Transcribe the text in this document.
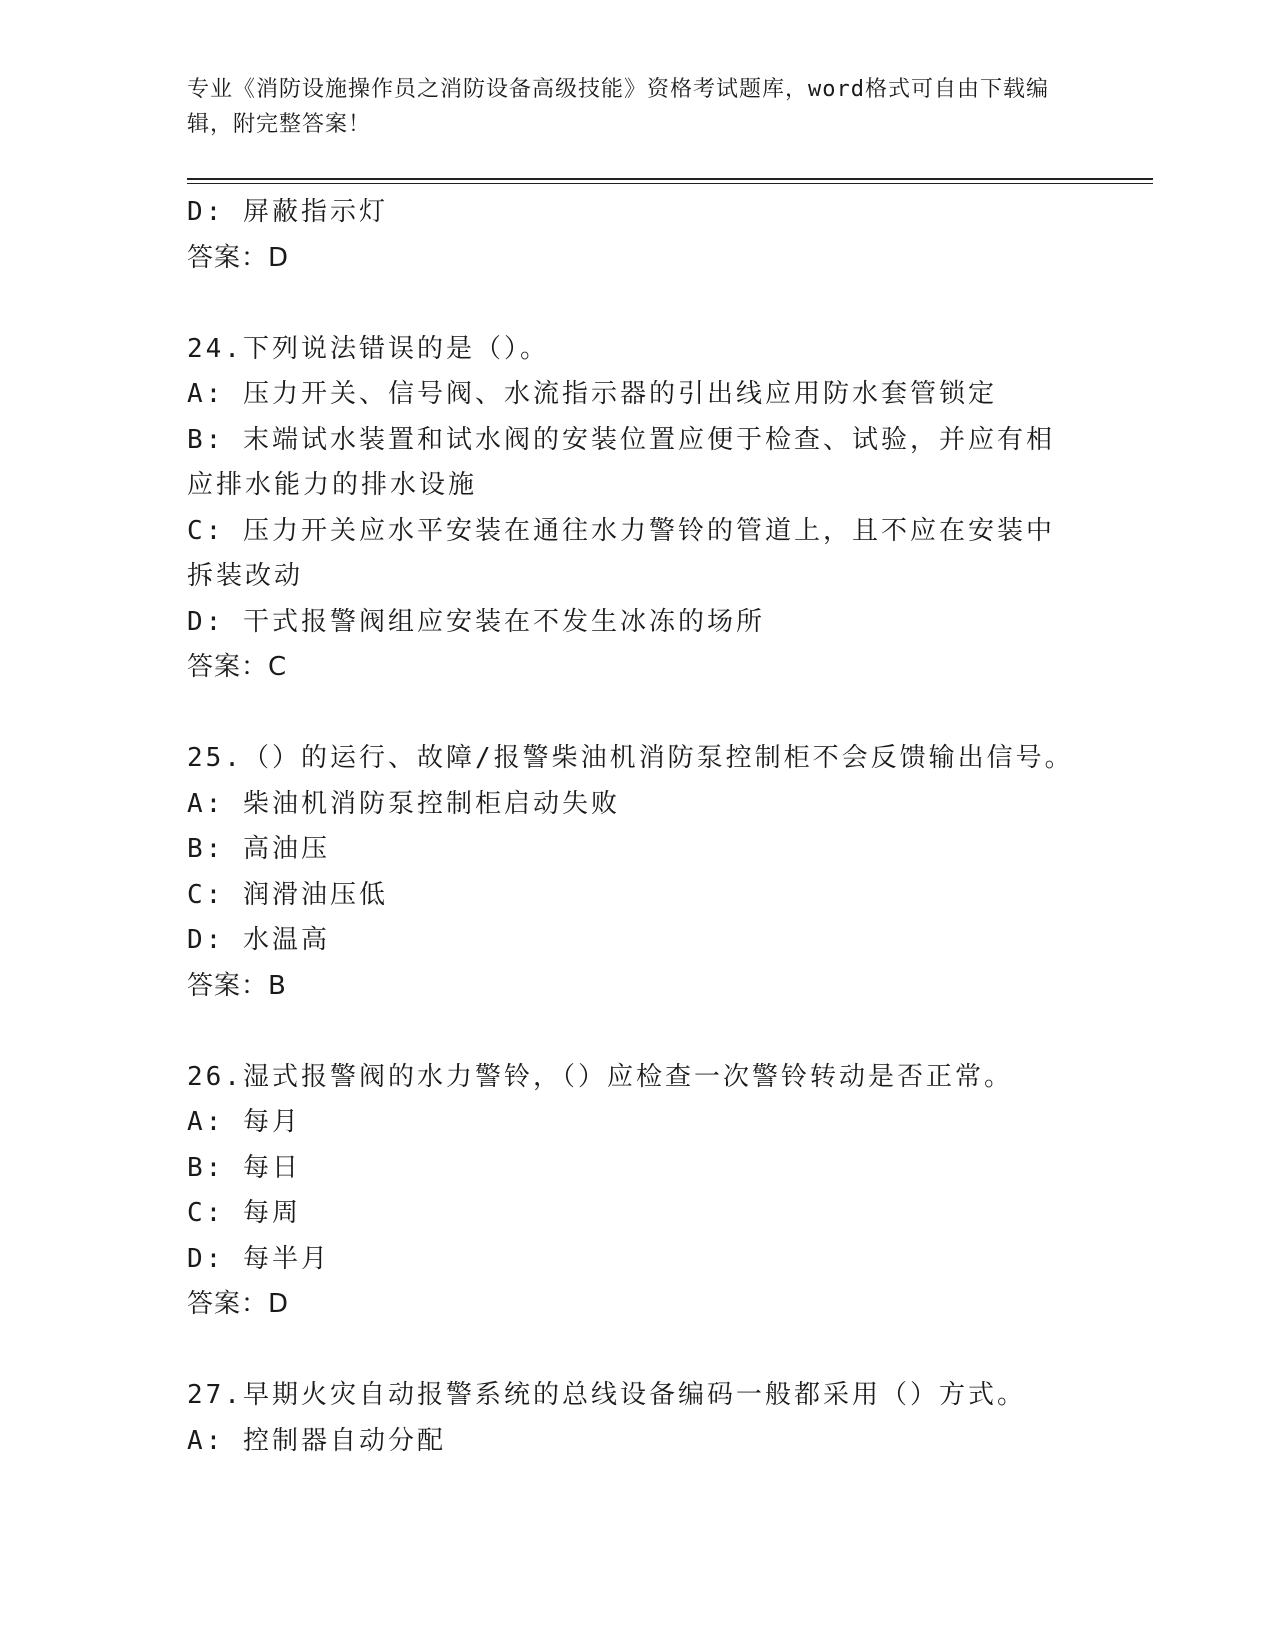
专业《消防设施操作员之消防设备高级技能》资格考试题库，word格式可自由下载编辑，附完整答案！
D: 屏蔽指示灯
答案：D
24.下列说法错误的是（）。
A: 压力开关、信号阀、水流指示器的引出线应用防水套管锁定
B: 末端试水装置和试水阀的安装位置应便于检查、试验，并应有相应排水能力的排水设施
C: 压力开关应水平安装在通往水力警铃的管道上，且不应在安装中拆装改动
D: 干式报警阀组应安装在不发生冰冻的场所
答案：C
25.（）的运行、故障/报警柴油机消防泵控制柜不会反馈输出信号。
A: 柴油机消防泵控制柜启动失败
B: 高油压
C: 润滑油压低
D: 水温高
答案：B
26.湿式报警阀的水力警铃，（）应检查一次警铃转动是否正常。
A: 每月
B: 每日
C: 每周
D: 每半月
答案：D
27.早期火灾自动报警系统的总线设备编码一般都采用（）方式。
A: 控制器自动分配
